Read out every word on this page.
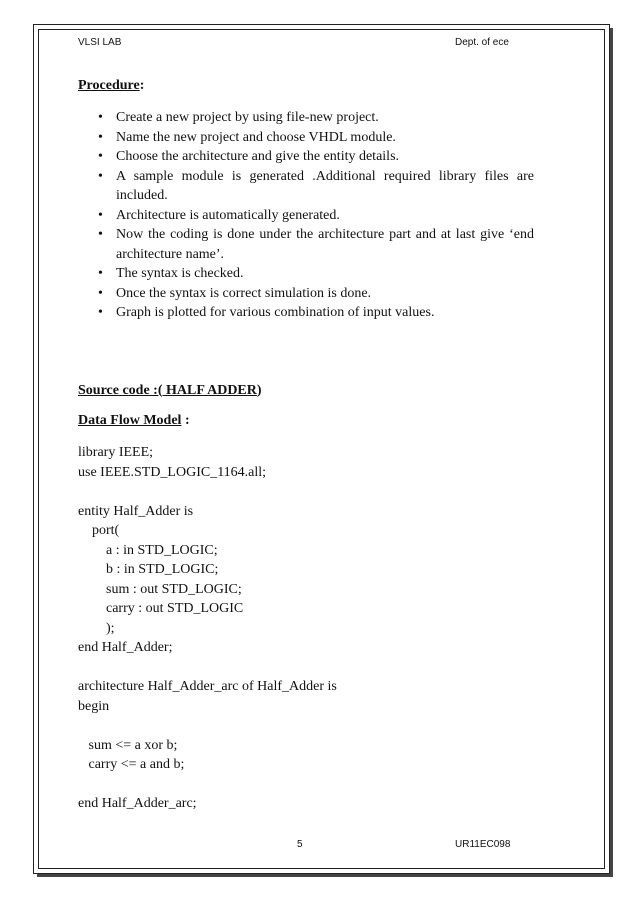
VLSI LAB	Dept. of ece
Procedure:
• Create a new project by using file-new project.
• Name the new project and choose VHDL module.
• Choose the architecture and give the entity details.
• A sample module is generated .Additional required library files are included.
• Architecture is automatically generated.
• Now the coding is done under the architecture part and at last give ‘end architecture name’.
• The syntax is checked.
• Once the syntax is correct simulation is done.
• Graph is plotted for various combination of input values.
Source code :( HALF ADDER)
Data Flow Model :
library IEEE;
use IEEE.STD_LOGIC_1164.all;

entity Half_Adder is
port(
a : in STD_LOGIC;
b : in STD_LOGIC;
sum : out STD_LOGIC;
carry : out STD_LOGIC
);
end Half_Adder;

architecture Half_Adder_arc of Half_Adder is
begin

sum <= a xor b;
carry <= a and b;

end Half_Adder_arc;
5	UR11EC098
